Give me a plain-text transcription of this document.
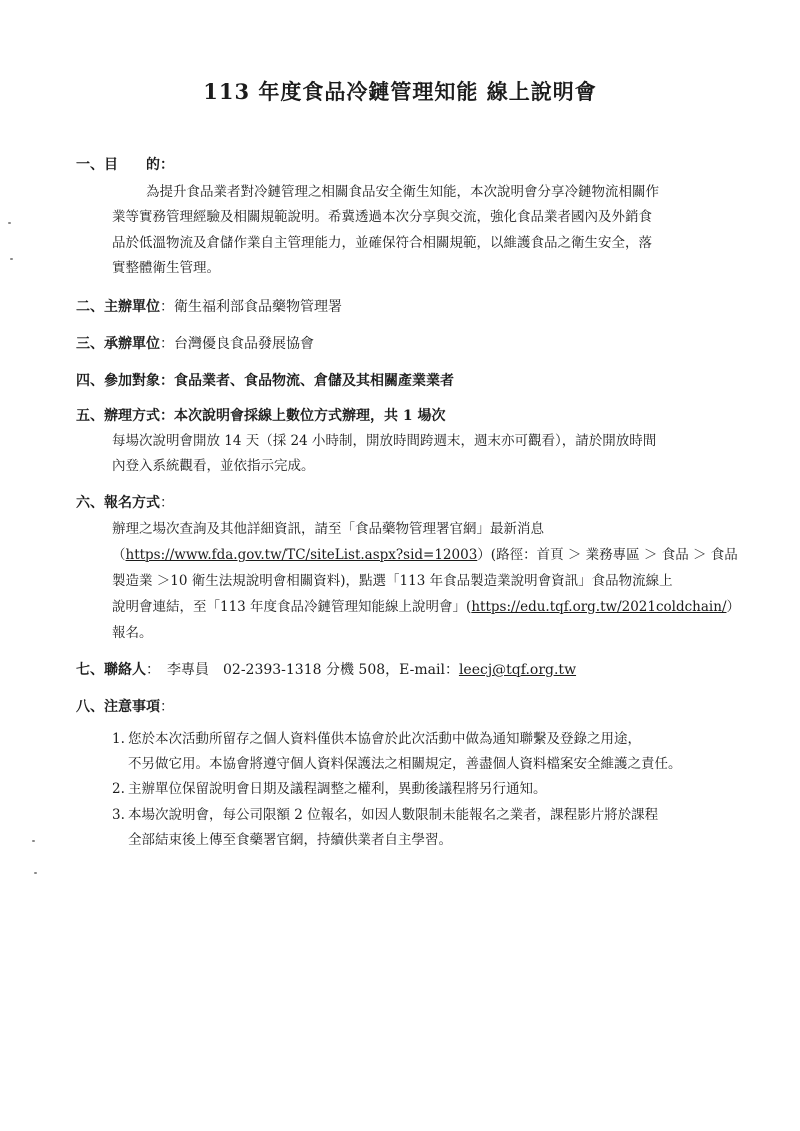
113 年度食品冷鏈管理知能 線上說明會
一、目　　的：
為提升食品業者對冷鏈管理之相關食品安全衛生知能，本次說明會分享冷鏈物流相關作
業等實務管理經驗及相關規範說明。希冀透過本次分享與交流，強化食品業者國內及外銷食
品於低溫物流及倉儲作業自主管理能力，並確保符合相關規範，以維護食品之衛生安全，落
實整體衛生管理。
二、主辦單位：衛生福利部食品藥物管理署
三、承辦單位：台灣優良食品發展協會
四、參加對象：食品業者、食品物流、倉儲及其相關產業業者
五、辦理方式：本次說明會採線上數位方式辦理，共 1 場次
每場次說明會開放 14 天（採 24 小時制，開放時間跨週末，週末亦可觀看），請於開放時間
內登入系統觀看，並依指示完成。
六、報名方式：
辦理之場次查詢及其他詳細資訊，請至「食品藥物管理署官網」最新消息
（https://www.fda.gov.tw/TC/siteList.aspx?sid=12003）(路徑：首頁 ＞ 業務專區 ＞ 食品 ＞ 食品
製造業 ＞10 衛生法規說明會相關資料)，點選「113 年食品製造業說明會資訊」食品物流線上
說明會連結，至「113 年度食品冷鏈管理知能線上說明會」(https://edu.tqf.org.tw/2021coldchain/）
報名。
七、聯絡人：　李專員　02-2393-1318 分機 508，E-mail：leecj@tqf.org.tw
八、注意事項：
1. 您於本次活動所留存之個人資料僅供本協會於此次活動中做為通知聯繫及登錄之用途，
不另做它用。本協會將遵守個人資料保護法之相關規定，善盡個人資料檔案安全維護之責任。
2. 主辦單位保留說明會日期及議程調整之權利，異動後議程將另行通知。
3. 本場次說明會，每公司限額 2 位報名，如因人數限制未能報名之業者，課程影片將於課程
全部結束後上傳至食藥署官網，持續供業者自主學習。
